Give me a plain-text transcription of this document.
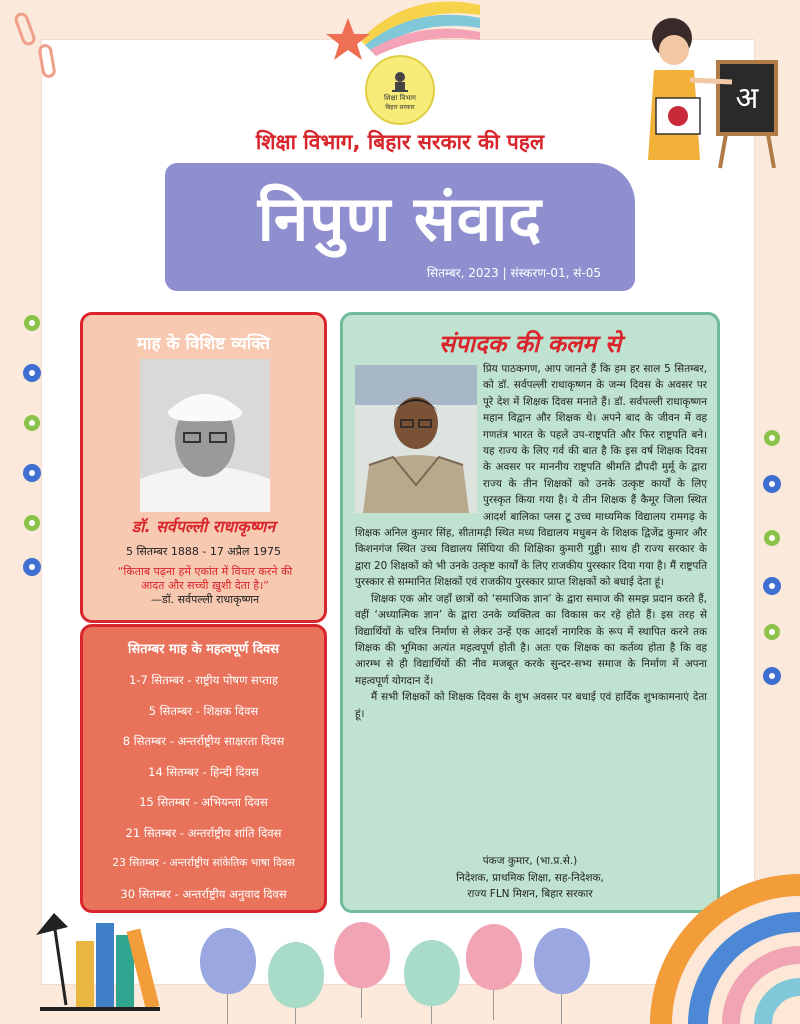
अ
शिक्षा विभाग
बिहार सरकार
शिक्षा विभाग, बिहार सरकार की पहल
निपुण संवाद
सितम्बर, 2023 | संस्करण-01, सं-05
माह के विशिष्ट व्यक्ति
डॉ. सर्वपल्ली राधाकृष्णन
5 सितम्बर 1888 - 17 अप्रैल 1975
“किताब पढ़ना हमें एकांत में विचार करने की
आदत और सच्ची ख़ुशी देता है।”
—डॉ. सर्वपल्ली राधाकृष्णन
सितम्बर माह के महत्वपूर्ण दिवस
1-7 सितम्बर - राष्ट्रीय पोषण सप्ताह
5 सितम्बर - शिक्षक दिवस
8 सितम्बर - अन्तर्राष्ट्रीय साक्षरता दिवस
14 सितम्बर - हिन्दी दिवस
15 सितम्बर - अभियन्ता दिवस
21 सितम्बर - अन्तर्राष्ट्रीय शांति दिवस
23 सितम्बर - अन्तर्राष्ट्रीय सांकेतिक भाषा दिवस
30 सितम्बर - अन्तर्राष्ट्रीय अनुवाद दिवस
संपादक की कलम से

प्रिय पाठकगण, आप जानते हैं कि हम हर साल 5 सितम्बर, को डॉ. सर्वपल्ली राधाकृष्णन के जन्म दिवस के अवसर पर पूरे देश में शिक्षक दिवस मनाते हैं। डॉ. सर्वपल्ली राधाकृष्णन महान विद्वान और शिक्षक थे। अपने बाद के जीवन में वह गणतंत्र भारत के पहले उप-राष्ट्रपति और फिर राष्ट्रपति बने। यह राज्य के लिए गर्व की बात है कि इस वर्ष शिक्षक दिवस के अवसर पर माननीय राष्ट्रपति श्रीमति द्रौपदी मुर्मू के द्वारा राज्य के तीन शिक्षकों को उनके उत्कृष्ट कार्यों के लिए पुरस्कृत किया गया है। ये तीन शिक्षक हैं कैमूर जिला स्थित आदर्श बालिका प्लस टू उच्च माध्यमिक विद्यालय रामगढ़ के शिक्षक अनिल कुमार सिंह, सीतामढ़ी स्थित मध्य विद्यालय मधुबन के शिक्षक द्विजेंद्र कुमार और किशनगंज स्थित उच्च विद्यालय सिंघिया की शिक्षिका कुमारी गुड्डी। साथ ही राज्य सरकार के द्वारा 20 शिक्षकों को भी उनके उत्कृष्ट कार्यों के लिए राजकीय पुरस्कार दिया गया है। मैं राष्ट्रपति पुरस्कार से सम्मानित शिक्षकों एवं राजकीय पुरस्कार प्राप्त शिक्षकों को बधाई देता हूं।

शिक्षक एक ओर जहाँ छात्रों को ‘समाजिक ज्ञान’ के द्वारा समाज की समझ प्रदान करते हैं, वहीं ‘अध्यात्मिक ज्ञान’ के द्वारा उनके व्यक्तित्व का विकास कर रहे होते हैं। इस तरह से विद्यार्थियों के चरित्र निर्माण से लेकर उन्हें एक आदर्श नागरिक के रूप में स्थापित करने तक शिक्षक की भूमिका अत्यंत महत्वपूर्ण होती है। अतः एक शिक्षक का कर्तव्य होता है कि वह आरम्भ से ही विद्यार्थियों की नीव मजबूत करके सुन्दर-सभ्य समाज के निर्माण में अपना महत्वपूर्ण योगदान दें।

मैं सभी शिक्षकों को शिक्षक दिवस के शुभ अवसर पर बधाई एवं हार्दिक शुभकामनाएं देता हूं।

पंकज कुमार, (भा.प्र.से.)
निदेशक, प्राथमिक शिक्षा, सह-निदेशक,
राज्य FLN मिशन, बिहार सरकार
